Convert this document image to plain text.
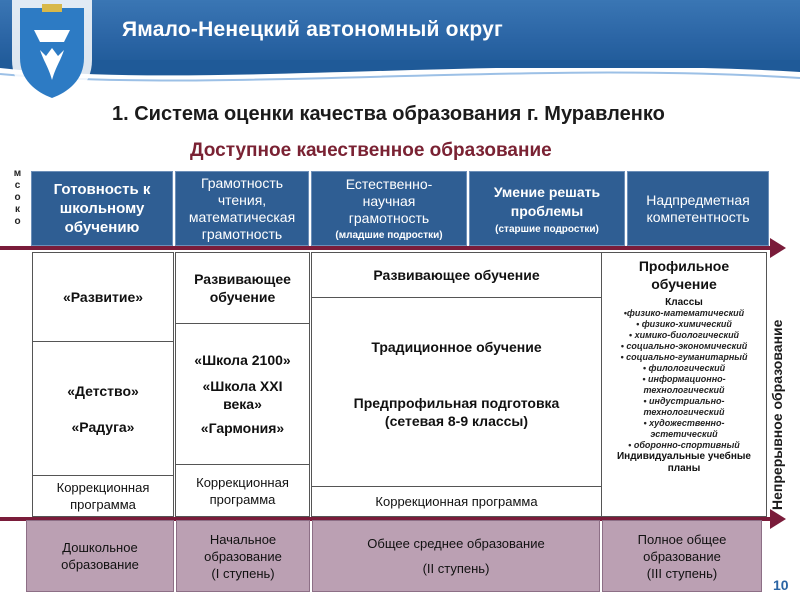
Ямало-Ненецкий автономный округ
1. Система оценки качества образования г. Муравленко
Доступное качественное образование
м
с
о
к
о
Готовность к
школьному
обучению
Грамотность
чтения,
математическая
грамотность
Естественно-
научная
грамотность
(младшие подростки)
Умение решать
проблемы
(старшие подростки)
Надпредметная
компетентность
«Развитие»
«Детство»
«Радуга»
Коррекционная
программа
Развивающее
обучение
«Школа 2100»
«Школа XXI
века»
«Гармония»
Коррекционная
программа
Развивающее обучение
Традиционное обучение
Предпрофильная подготовка
(сетевая 8-9 классы)
Коррекционная программа
Профильное
обучение
Классы
•физико-математический
• физико-химический
• химико-биологический
• социально-экономический
• социально-гуманитарный
• филологический
• информационно-
технологический
• индустриально-
технологический
• художественно-
эстетический
• оборонно-спортивный
Индивидуальные учебные
планы	Непрерывное образование
Дошкольное
образование
Начальное
образование
(I ступень)
Общее среднее образование
(II ступень)
Полное общее
образование
(III ступень)
10
